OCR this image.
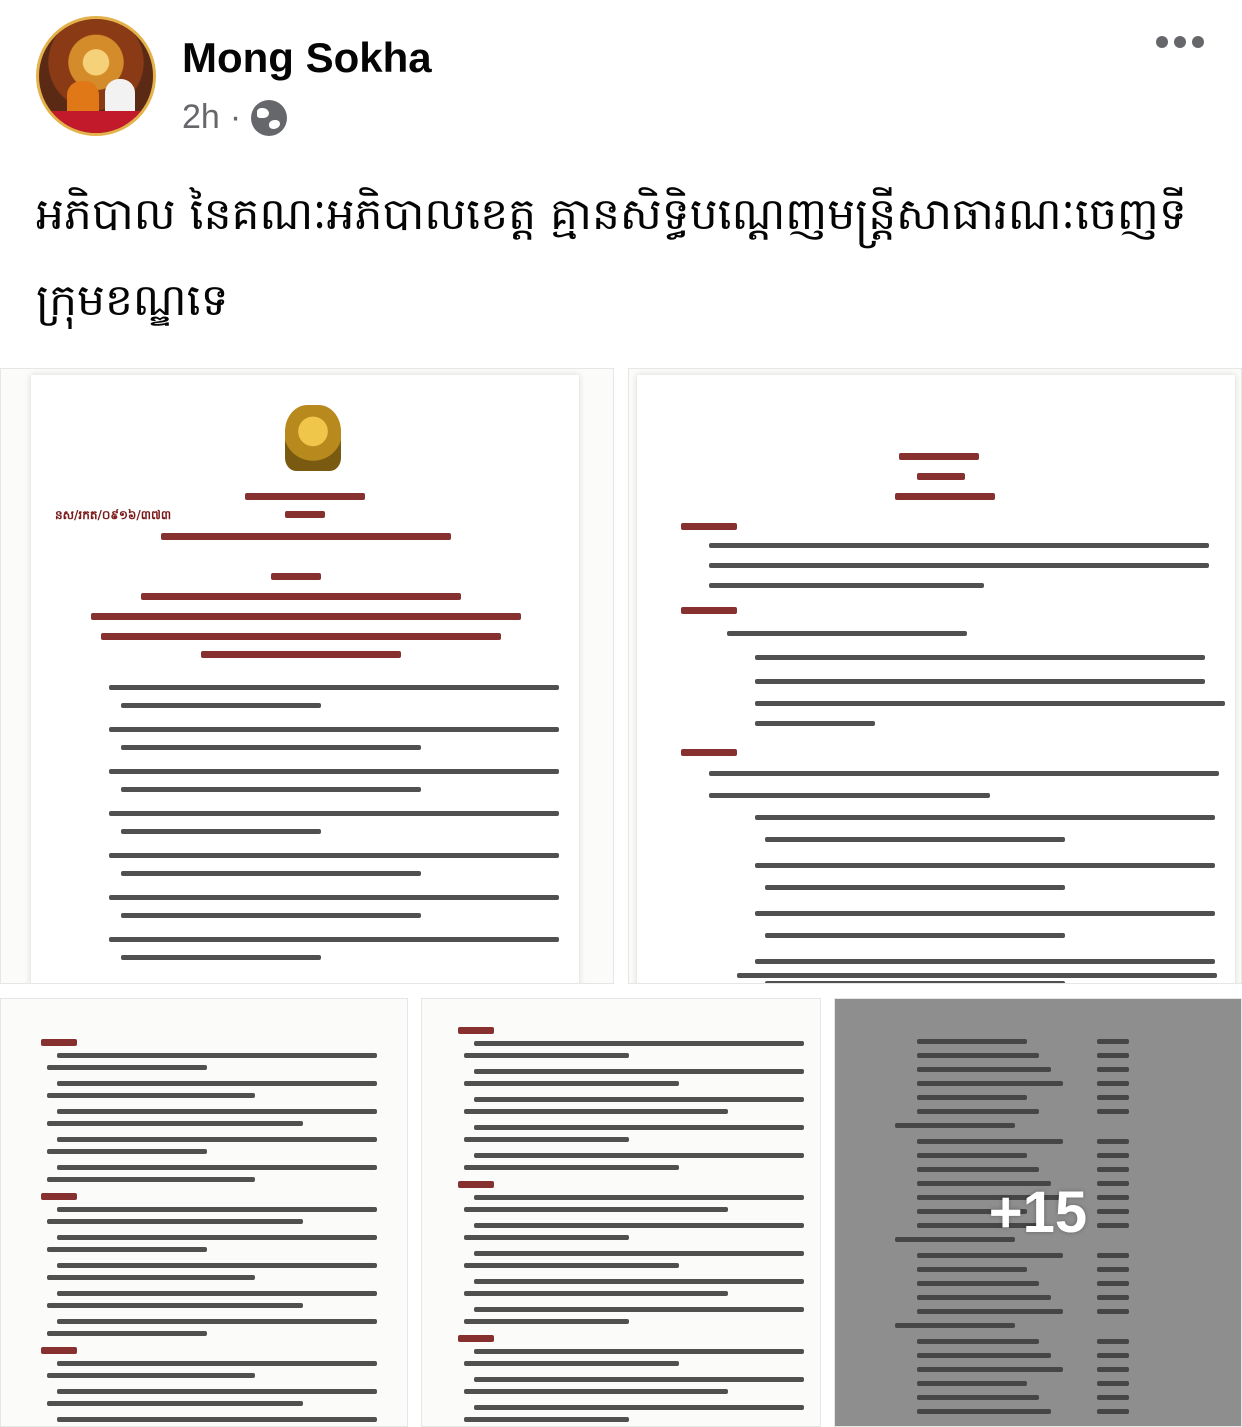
Mong Sokha
2h ·
អភិបាល នៃគណៈអភិបាលខេត្ត គ្មានសិទ្ធិបណ្ដេញមន្ត្រីសាធារណៈចេញទីក្រុមខណ្ឌទេ
នស/រកត/០៩១៦/៣៧៣
+15
